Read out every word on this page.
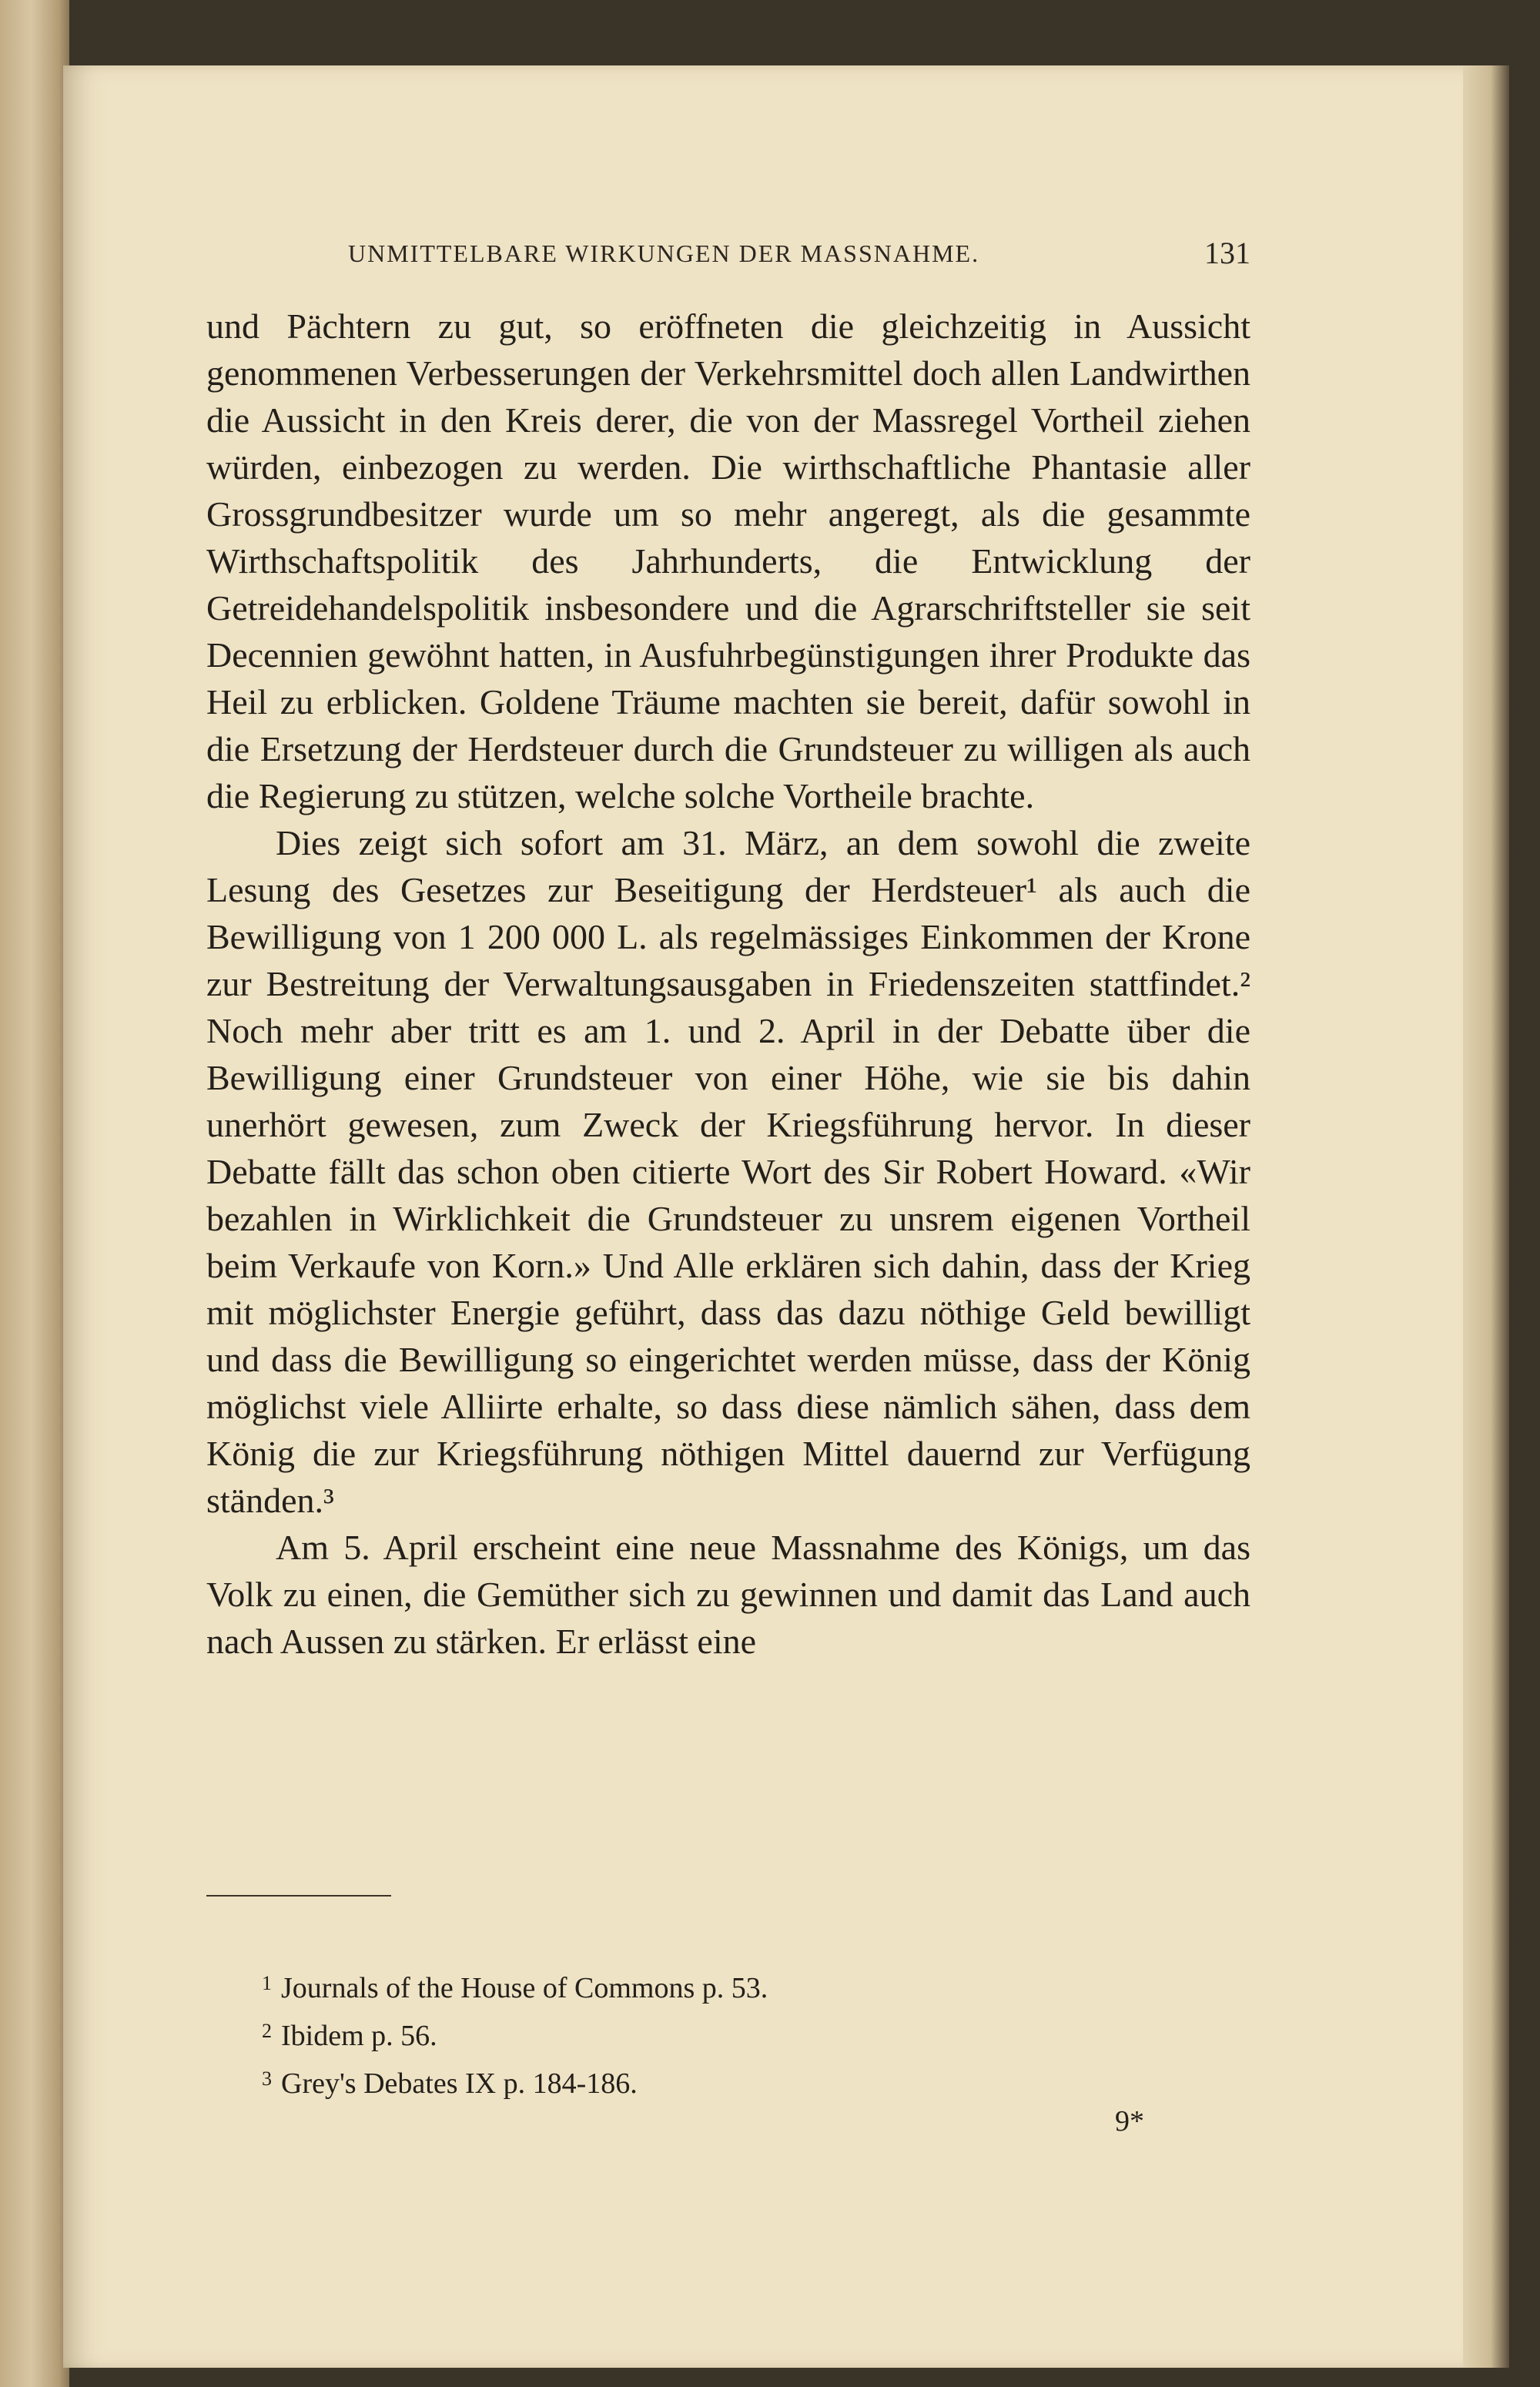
UNMITTELBARE WIRKUNGEN DER MASSNAHME.	131

und Pächtern zu gut, so eröffneten die gleichzeitig in Aussicht genommenen Verbesserungen der Verkehrsmittel doch allen Landwirthen die Aussicht in den Kreis derer, die von der Massregel Vortheil ziehen würden, einbezogen zu werden. Die wirthschaftliche Phantasie aller Grossgrundbesitzer wurde um so mehr angeregt, als die gesammte Wirthschaftspolitik des Jahrhunderts, die Entwicklung der Getreidehandelspolitik insbesondere und die Agrarschriftsteller sie seit Decennien gewöhnt hatten, in Ausfuhrbegünstigungen ihrer Produkte das Heil zu erblicken. Goldene Träume machten sie bereit, dafür sowohl in die Ersetzung der Herdsteuer durch die Grundsteuer zu willigen als auch die Regierung zu stützen, welche solche Vortheile brachte.

Dies zeigt sich sofort am 31. März, an dem sowohl die zweite Lesung des Gesetzes zur Beseitigung der Herdsteuer¹ als auch die Bewilligung von 1 200 000 L. als regelmässiges Einkommen der Krone zur Bestreitung der Verwaltungsausgaben in Friedenszeiten stattfindet.² Noch mehr aber tritt es am 1. und 2. April in der Debatte über die Bewilligung einer Grundsteuer von einer Höhe, wie sie bis dahin unerhört gewesen, zum Zweck der Kriegsführung hervor. In dieser Debatte fällt das schon oben citierte Wort des Sir Robert Howard. «Wir bezahlen in Wirklichkeit die Grundsteuer zu unsrem eigenen Vortheil beim Verkaufe von Korn.» Und Alle erklären sich dahin, dass der Krieg mit möglichster Energie geführt, dass das dazu nöthige Geld bewilligt und dass die Bewilligung so eingerichtet werden müsse, dass der König möglichst viele Alliirte erhalte, so dass diese nämlich sähen, dass dem König die zur Kriegsführung nöthigen Mittel dauernd zur Verfügung ständen.³

Am 5. April erscheint eine neue Massnahme des Königs, um das Volk zu einen, die Gemüther sich zu gewinnen und damit das Land auch nach Aussen zu stärken. Er erlässt eine

$^1$ Journals of the House of Commons p. 53.
$^2$ Ibidem p. 56.
$^3$ Grey's Debates IX p. 184-186.
9*
